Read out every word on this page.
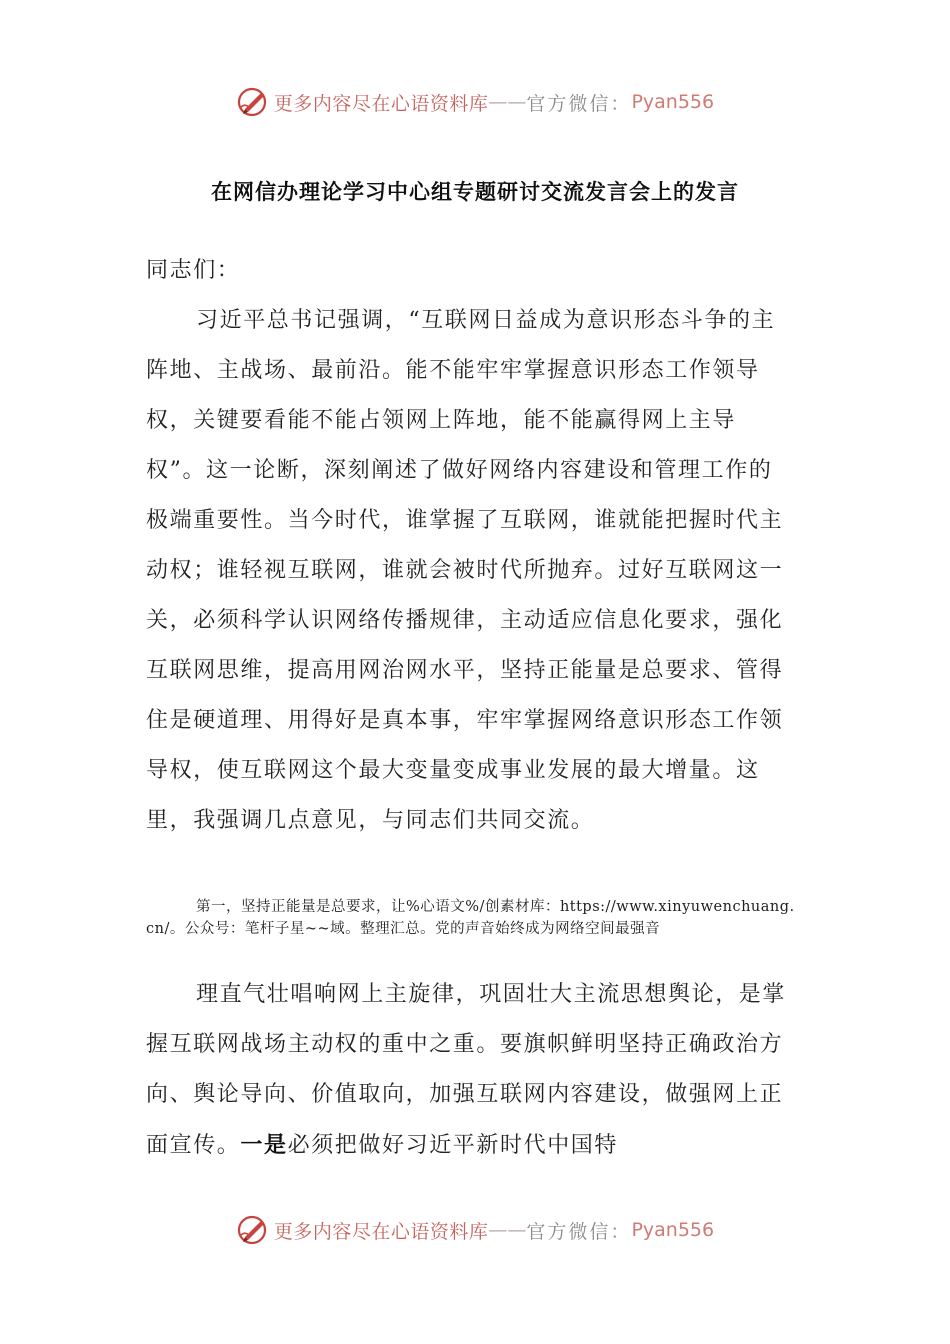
更多内容尽在心语资料库 —— 官方微信： Pyan556
在网信办理论学习中心组专题研讨交流发言会上的发言

同志们：

习近平总书记强调，“互联网日益成为意识形态斗争的主阵地、主战场、最前沿。能不能牢牢掌握意识形态工作领导权，关键要看能不能占领网上阵地，能不能赢得网上主导权”。这一论断，深刻阐述了做好网络内容建设和管理工作的极端重要性。当今时代，谁掌握了互联网，谁就能把握时代主动权；谁轻视互联网，谁就会被时代所抛弃。过好互联网这一关，必须科学认识网络传播规律，主动适应信息化要求，强化互联网思维，提高用网治网水平，坚持正能量是总要求、管得住是硬道理、用得好是真本事，牢牢掌握网络意识形态工作领导权，使互联网这个最大变量变成事业发展的最大增量。这里，我强调几点意见，与同志们共同交流。

第一，坚持正能量是总要求，让%心语文%/创素材库：https://www.xinyuwenchuang.cn/。公众号：笔杆子星~~域。整理汇总。党的声音始终成为网络空间最强音

理直气壮唱响网上主旋律，巩固壮大主流思想舆论，是掌握互联网战场主动权的重中之重。要旗帜鲜明坚持正确政治方向、舆论导向、价值取向，加强互联网内容建设，做强网上正面宣传。一是必须把做好习近平新时代中国特

更多内容尽在心语资料库 —— 官方微信： Pyan556
